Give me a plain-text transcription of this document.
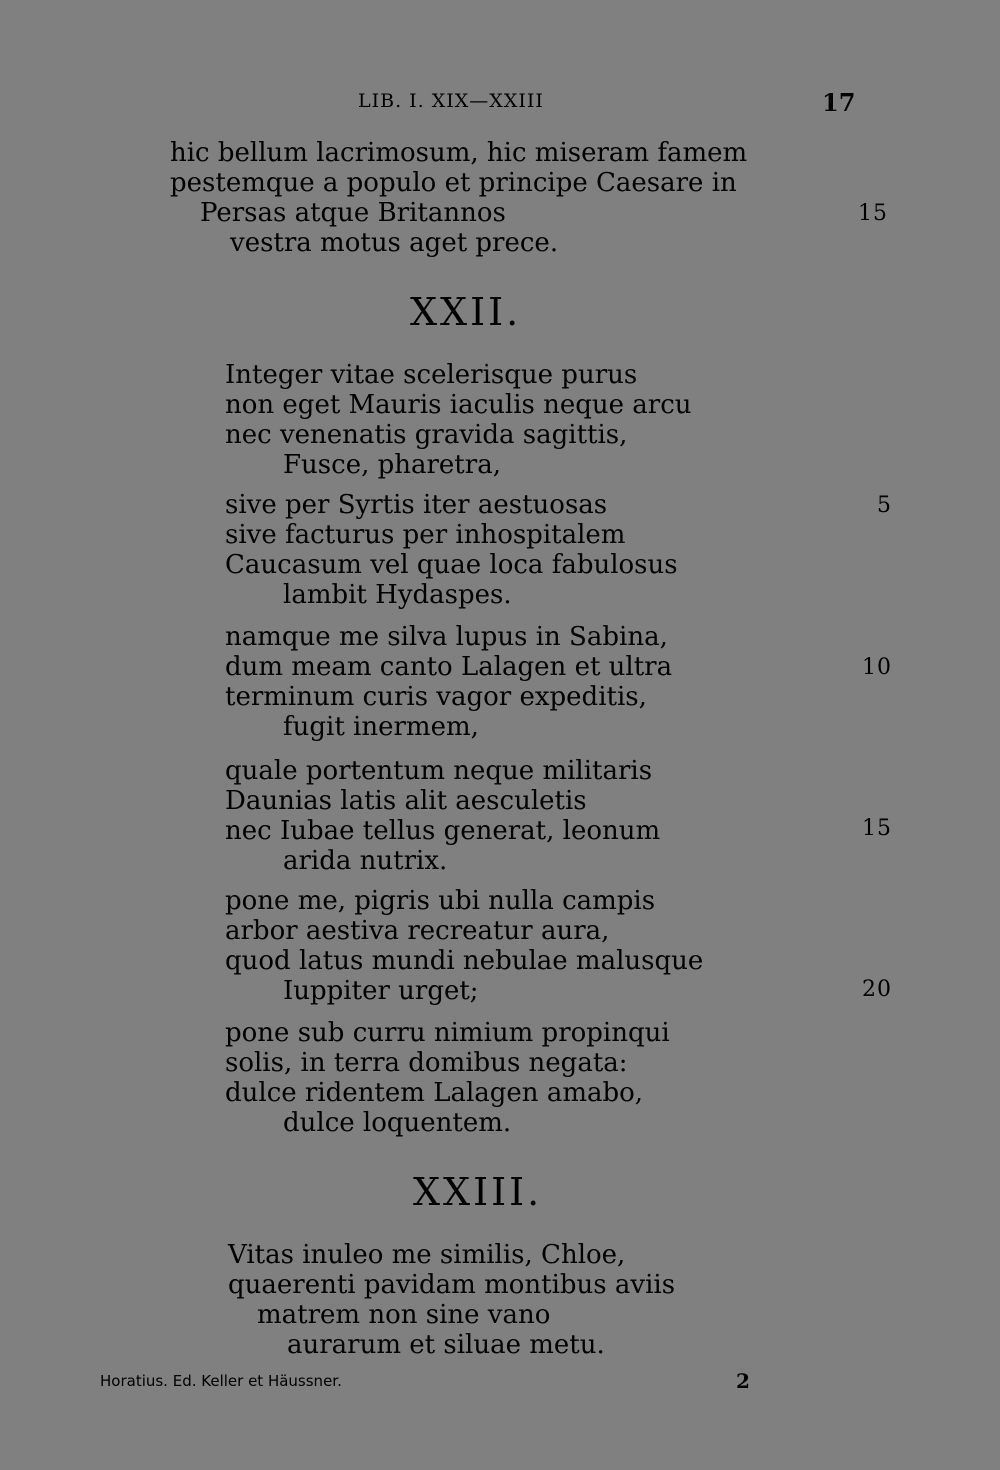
LIB. I. XIX—XXIII	17
hic bellum lacrimosum, hic miseram famem
pestemque a populo et principe Caesare in
Persas atque Britannos
vestra motus aget prece.
15
XXII.
Integer vitae scelerisque purus
non eget Mauris iaculis neque arcu
nec venenatis gravida sagittis,
Fusce, pharetra,
sive per Syrtis iter aestuosas
sive facturus per inhospitalem
Caucasum vel quae loca fabulosus
lambit Hydaspes.
5
namque me silva lupus in Sabina,
dum meam canto Lalagen et ultra
terminum curis vagor expeditis,
fugit inermem,
10
quale portentum neque militaris
Daunias latis alit aesculetis
nec Iubae tellus generat, leonum
arida nutrix.
15
pone me, pigris ubi nulla campis
arbor aestiva recreatur aura,
quod latus mundi nebulae malusque
Iuppiter urget;	20
pone sub curru nimium propinqui
solis, in terra domibus negata:
dulce ridentem Lalagen amabo,
dulce loquentem.
XXIII.
Vitas inuleo me similis, Chloe,
quaerenti pavidam montibus aviis
matrem non sine vano
aurarum et siluae metu.
Horatius. Ed. Keller et Häussner.	2
